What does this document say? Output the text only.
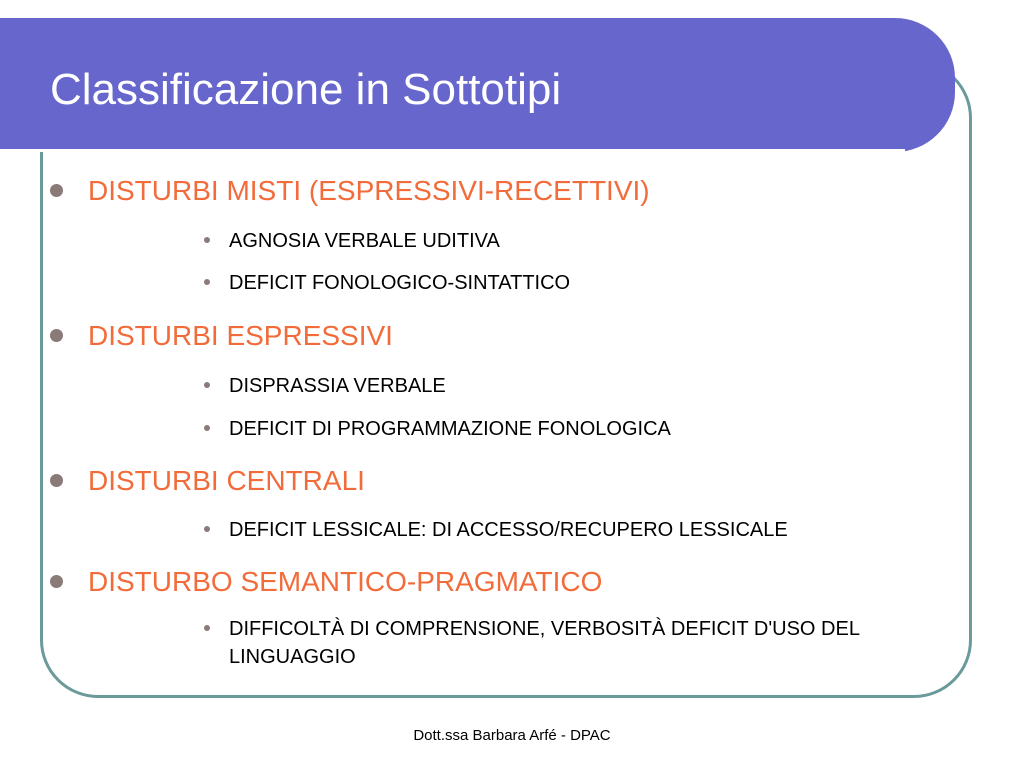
Classificazione in Sottotipi
DISTURBI MISTI (ESPRESSIVI-RECETTIVI)
AGNOSIA VERBALE UDITIVA
DEFICIT FONOLOGICO-SINTATTICO
DISTURBI ESPRESSIVI
DISPRASSIA VERBALE
DEFICIT DI PROGRAMMAZIONE FONOLOGICA
DISTURBI CENTRALI
DEFICIT LESSICALE: DI ACCESSO/RECUPERO LESSICALE
DISTURBO SEMANTICO-PRAGMATICO
DIFFICOLTÀ DI COMPRENSIONE, VERBOSITÀ DEFICIT D'USO DEL LINGUAGGIO
Dott.ssa Barbara Arfé - DPAC
